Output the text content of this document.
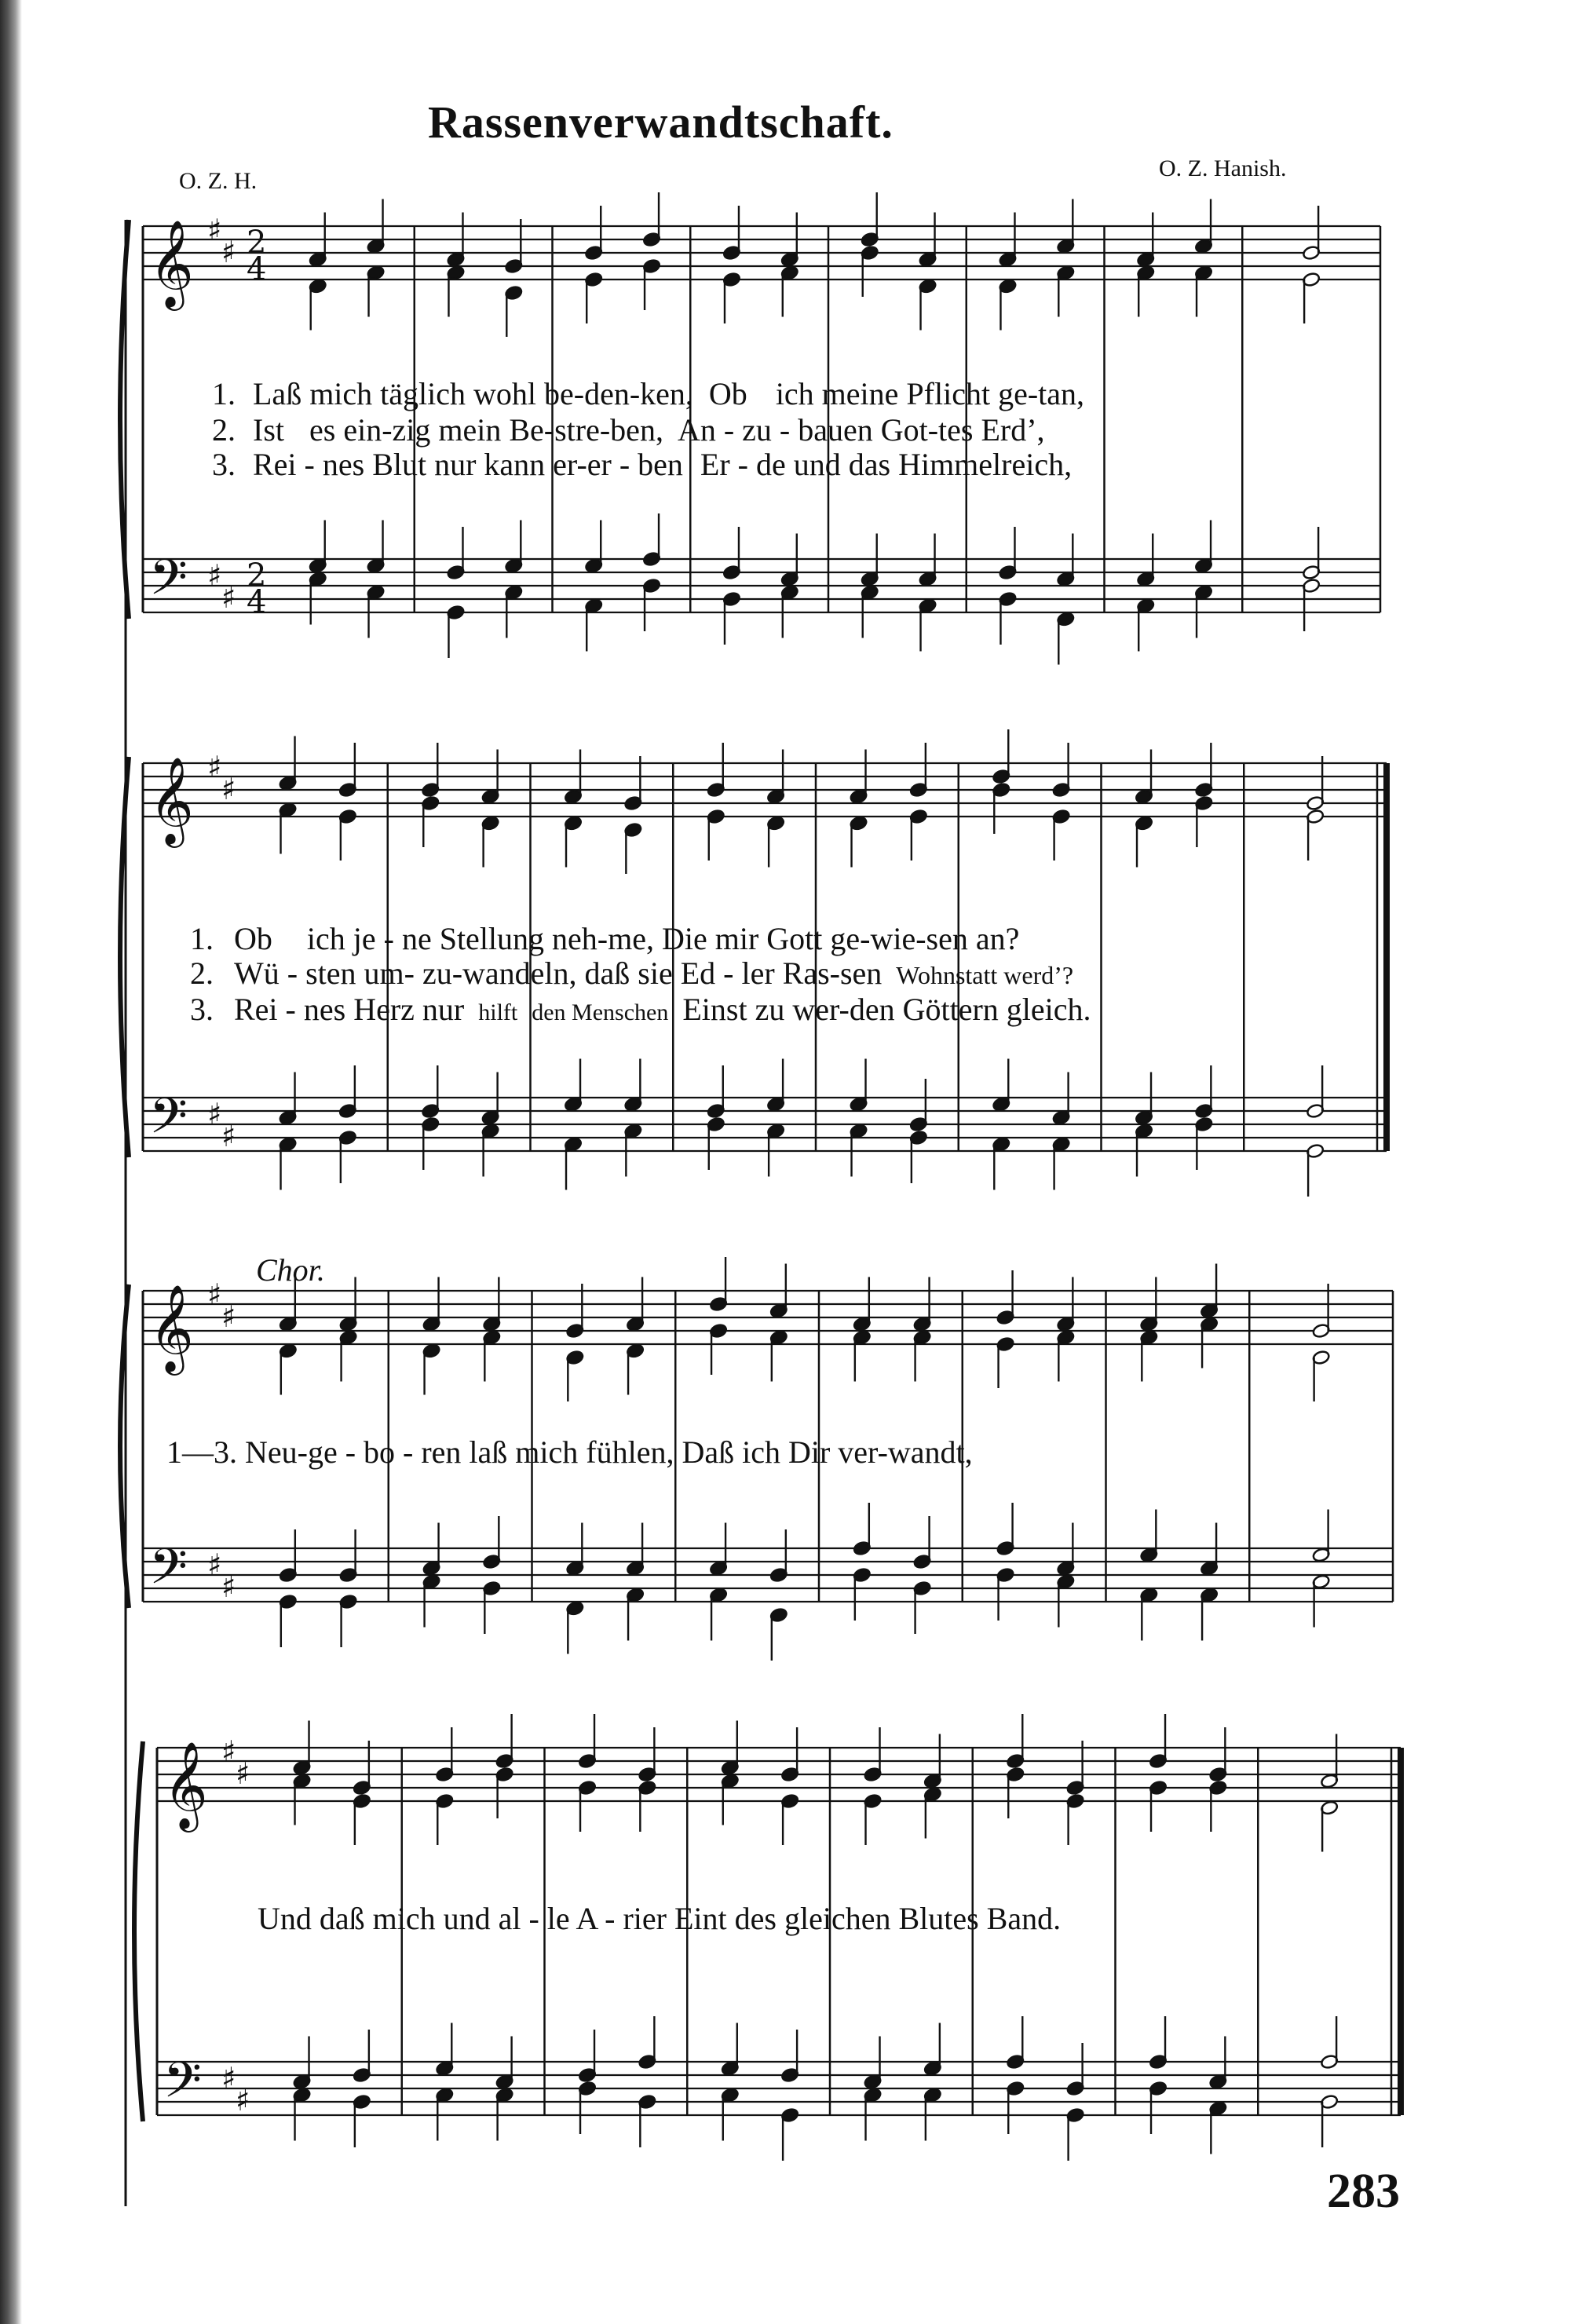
Rassenverwandtschaft.
O. Z. H.	O. Z. Hanish.
𝄞
𝄢
♯
♯
♯
♯
2
4
2
4
𝄞
𝄢
♯
♯
♯
♯
𝄞
𝄢
♯
♯
♯
♯
𝄞
𝄢
♯
♯
♯
♯
1. Laß mich täglich wohl be-den-ken, Ob ich meine Pflicht ge-tan,
2. Ist es ein-zig mein Be-stre-ben, An - zu - bauen Got-tes Erd’,
3. Rei - nes Blut nur kann er-er - ben Er - de und das Himmelreich,
1. Ob ich je - ne Stellung neh-me, Die mir Gott ge-wie-sen an?
2. Wü - sten um- zu-wandeln, daß sie Ed - ler Ras-sen Wohnstatt werd’?
3. Rei - nes Herz nur hilft den Menschen Einst zu wer-den Göttern gleich.
Chor.
1—3. Neu-ge - bo - ren laß mich fühlen, Daß ich Dir ver-wandt,
Und daß mich und al - le A - rier Eint des gleichen Blutes Band.
283
